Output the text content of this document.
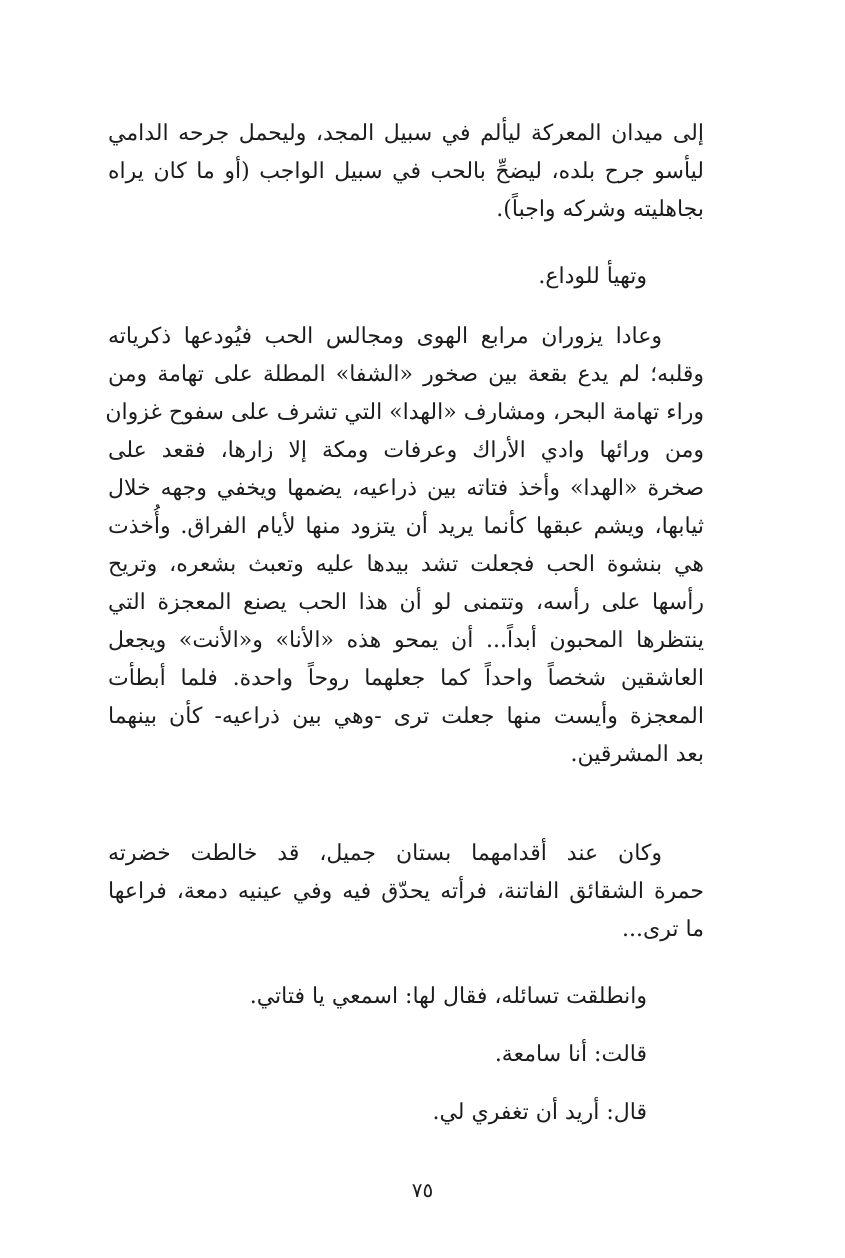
إلى ميدان المعركة ليألم في سبيل المجد، وليحمل جرحه الدامي
ليأسو جرح بلده، ليضحِّ بالحب في سبيل الواجب (أو ما كان يراه
بجاهليته وشركه واجباً).
وتهيأ للوداع.
وعادا يزوران مرابع الهوى ومجالس الحب فيُودعها ذكرياته
وقلبه؛ لم يدع بقعة بين صخور «الشفا» المطلة على تهامة ومن
وراء تهامة البحر، ومشارف «الهدا» التي تشرف على سفوح غزوان
ومن ورائها وادي الأراك وعرفات ومكة إلا زارها، فقعد على
صخرة «الهدا» وأخذ فتاته بين ذراعيه، يضمها ويخفي وجهه خلال
ثيابها، ويشم عبقها كأنما يريد أن يتزود منها لأيام الفراق. وأُخذت
هي بنشوة الحب فجعلت تشد بيدها عليه وتعبث بشعره، وتريح
رأسها على رأسه، وتتمنى لو أن هذا الحب يصنع المعجزة التي
ينتظرها المحبون أبداً... أن يمحو هذه «الأنا» و«الأنت» ويجعل
العاشقين شخصاً واحداً كما جعلهما روحاً واحدة. فلما أبطأت
المعجزة وأيست منها جعلت ترى -وهي بين ذراعيه- كأن بينهما
بعد المشرقين.
وكان عند أقدامهما بستان جميل، قد خالطت خضرته
حمرة الشقائق الفاتنة، فرأته يحدّق فيه وفي عينيه دمعة، فراعها
ما ترى...
وانطلقت تسائله، فقال لها: اسمعي يا فتاتي.
قالت: أنا سامعة.
قال: أريد أن تغفري لي.
٧٥
